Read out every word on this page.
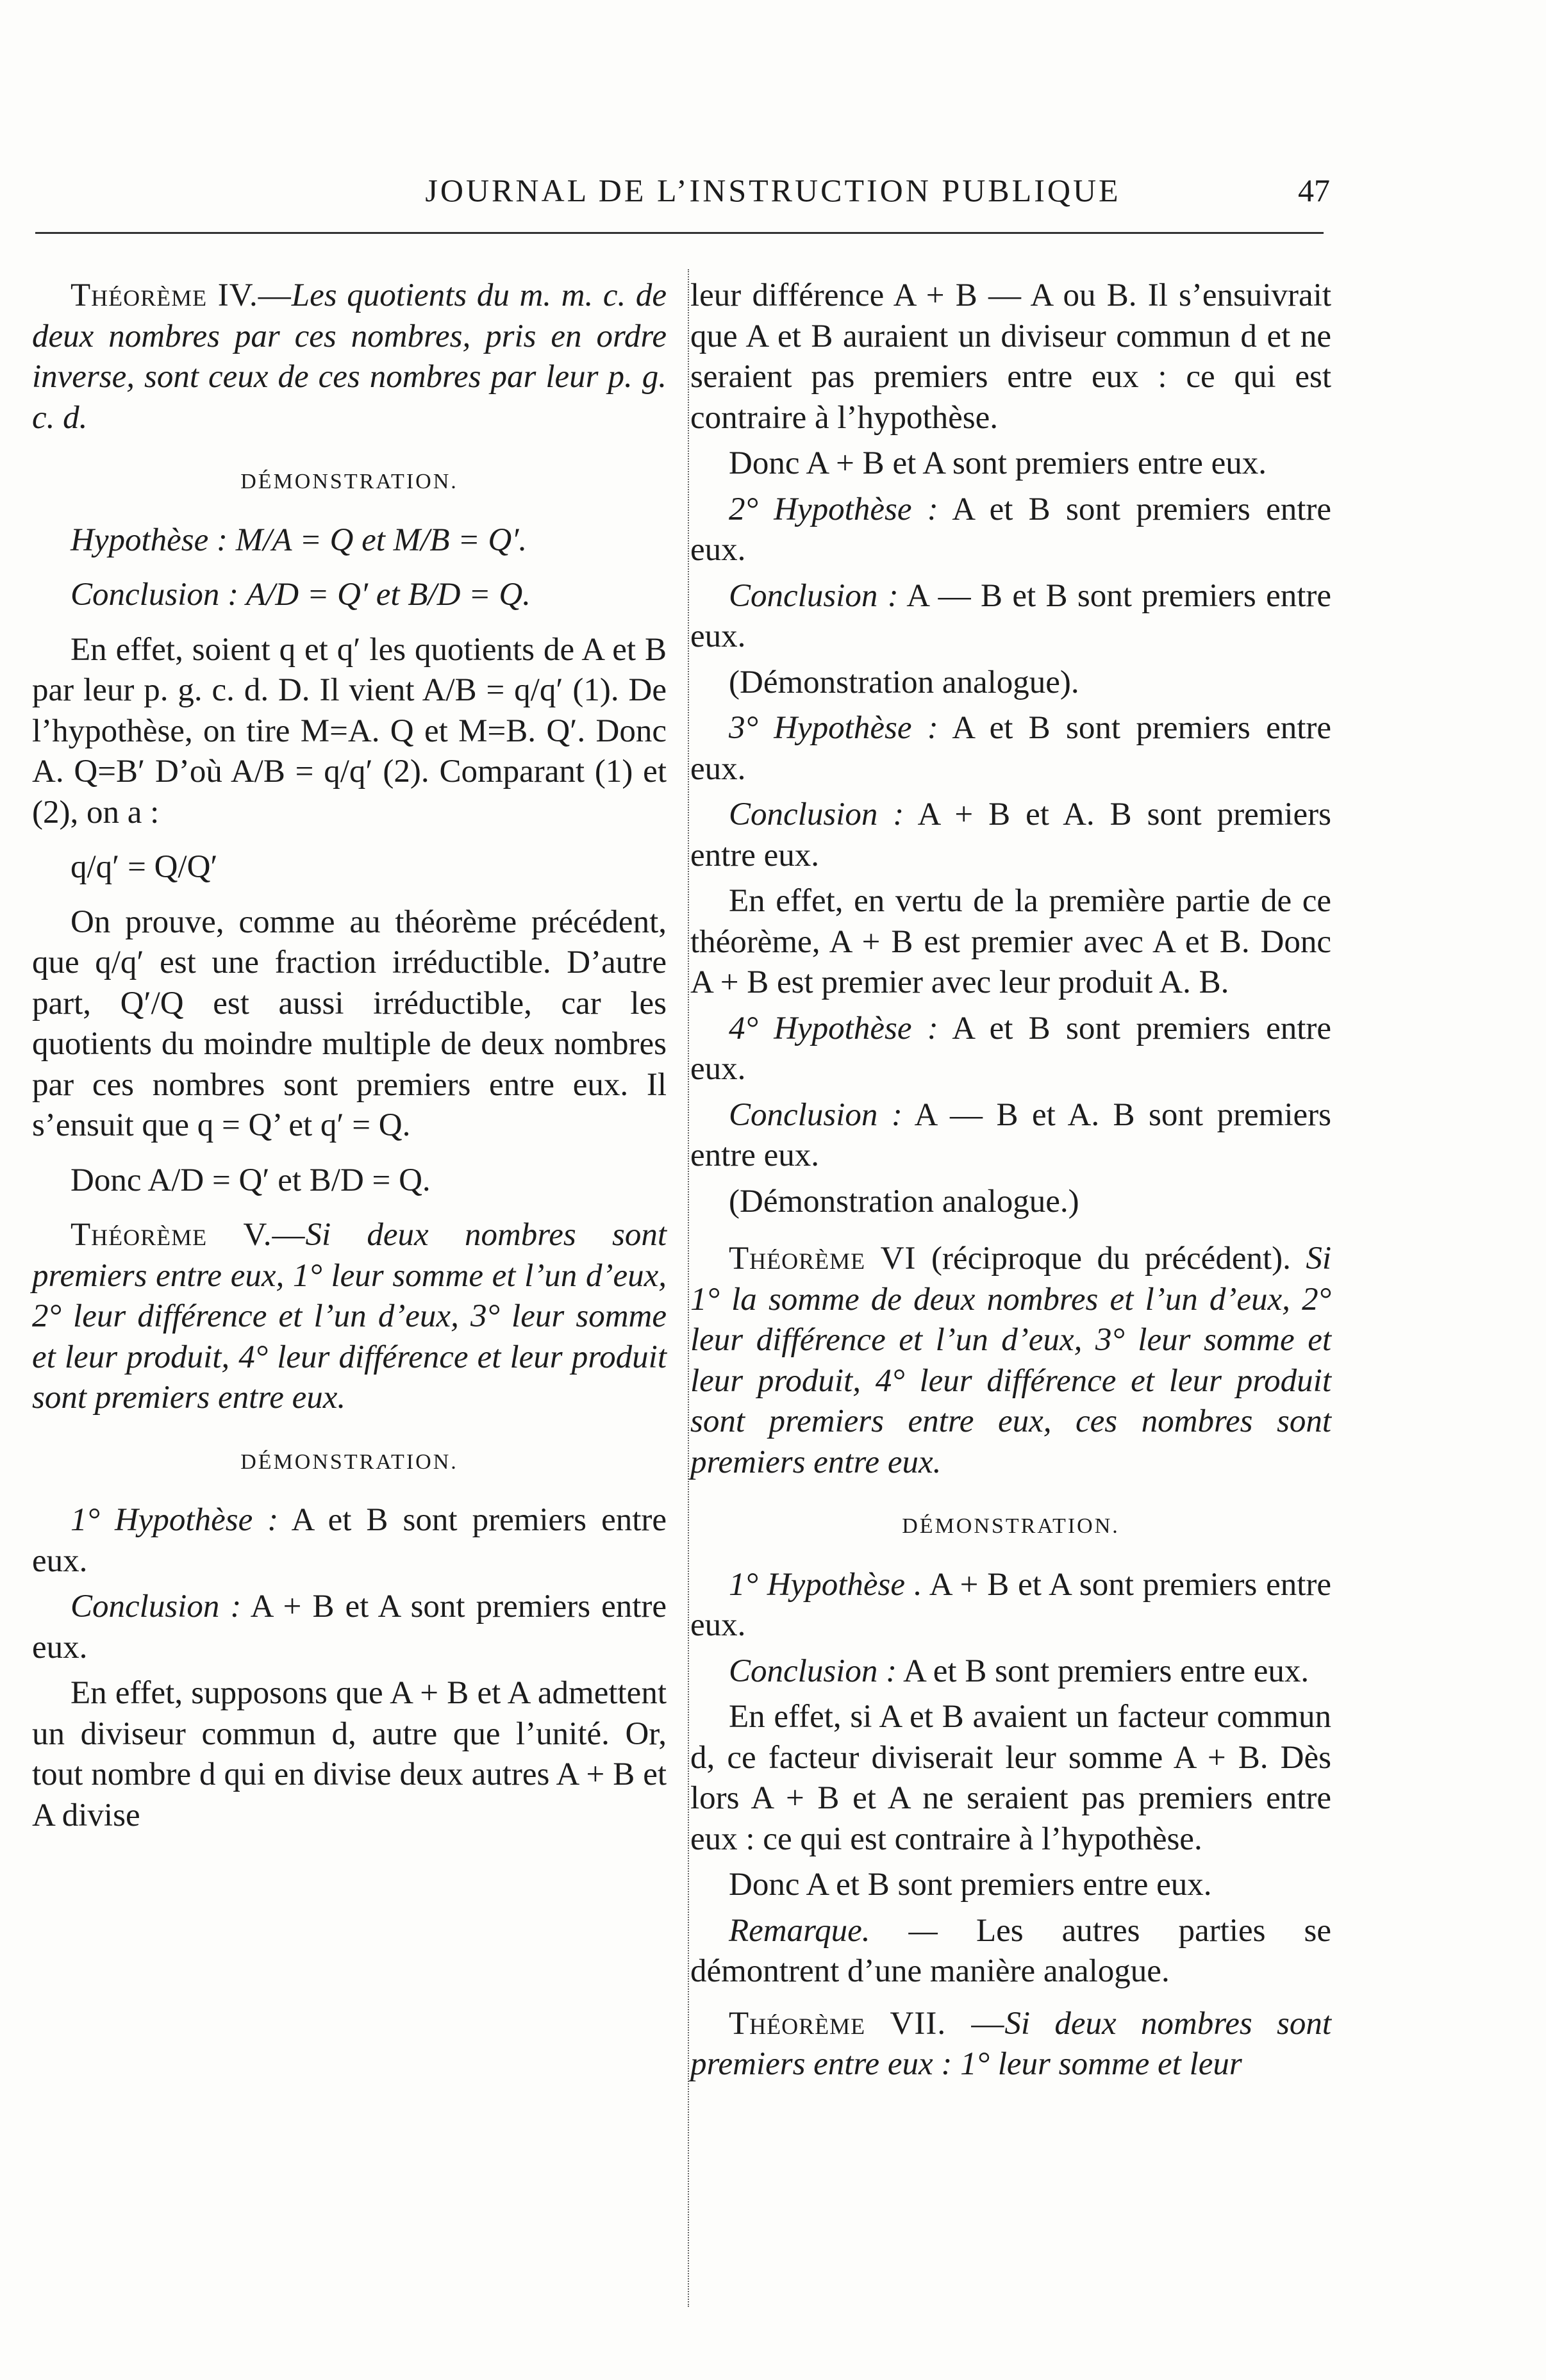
JOURNAL DE L’INSTRUCTION PUBLIQUE	47

Théorème IV.—Les quotients du m. m. c. de deux nombres par ces nombres, pris en ordre inverse, sont ceux de ces nombres par leur p. g. c. d.

DÉMONSTRATION.

Hypothèse : M/A = Q et M/B = Q′.

Conclusion : A/D = Q′ et B/D = Q.

En effet, soient q et q′ les quotients de A et B par leur p. g. c. d. D. Il vient A/B = q/q′ (1). De l’hypothèse, on tire M=A. Q et M=B. Q′. Donc A. Q=B′ D’où A/B = q/q′ (2). Comparant (1) et (2), on a :

q/q′ = Q/Q′

On prouve, comme au théorème précédent, que q/q′ est une fraction irréductible. D’autre part, Q′/Q est aussi irréductible, car les quotients du moindre multiple de deux nombres par ces nombres sont premiers entre eux. Il s’ensuit que q = Q’ et q′ = Q.

Donc A/D = Q′ et B/D = Q.

Théorème V.—Si deux nombres sont premiers entre eux, 1° leur somme et l’un d’eux, 2° leur différence et l’un d’eux, 3° leur somme et leur produit, 4° leur différence et leur produit sont premiers entre eux.

DÉMONSTRATION.

1° Hypothèse : A et B sont premiers entre eux.

Conclusion : A + B et A sont premiers entre eux.

En effet, supposons que A + B et A admettent un diviseur commun d, autre que l’unité. Or, tout nombre d qui en divise deux autres A + B et A divise

leur différence A + B — A ou B. Il s’ensuivrait que A et B auraient un diviseur commun d et ne seraient pas premiers entre eux : ce qui est contraire à l’hypothèse.

Donc A + B et A sont premiers entre eux.

2° Hypothèse : A et B sont premiers entre eux.

Conclusion : A — B et B sont premiers entre eux.

(Démonstration analogue).

3° Hypothèse : A et B sont premiers entre eux.

Conclusion : A + B et A. B sont premiers entre eux.

En effet, en vertu de la première partie de ce théorème, A + B est premier avec A et B. Donc A + B est premier avec leur produit A. B.

4° Hypothèse : A et B sont premiers entre eux.

Conclusion : A — B et A. B sont premiers entre eux.

(Démonstration analogue.)

Théorème VI (réciproque du précédent). Si 1° la somme de deux nombres et l’un d’eux, 2° leur différence et l’un d’eux, 3° leur somme et leur produit, 4° leur différence et leur produit sont premiers entre eux, ces nombres sont premiers entre eux.

DÉMONSTRATION.

1° Hypothèse . A + B et A sont premiers entre eux.

Conclusion : A et B sont premiers entre eux.

En effet, si A et B avaient un facteur commun d, ce facteur diviserait leur somme A + B. Dès lors A + B et A ne seraient pas premiers entre eux : ce qui est contraire à l’hypothèse.

Donc A et B sont premiers entre eux.

Remarque. — Les autres parties se démontrent d’une manière analogue.

Théorème VII. —Si deux nombres sont premiers entre eux : 1° leur somme et leur
